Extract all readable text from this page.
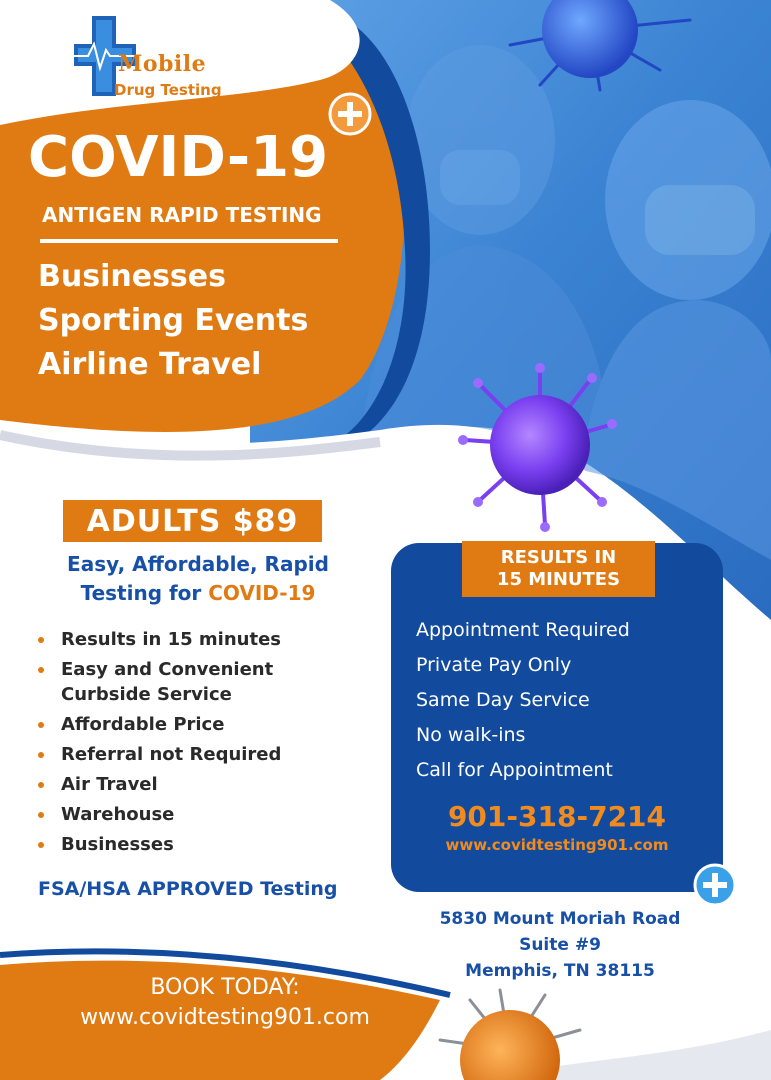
Mobile
Drug Testing
COVID-19
ANTIGEN RAPID TESTING
Businesses
Sporting Events
Airline Travel
ADULTS $89
Easy, Affordable, Rapid
Testing for COVID-19
Results in 15 minutes
Easy and Convenient
Curbside Service
Affordable Price
Referral not Required
Air Travel
Warehouse
Businesses
FSA/HSA APPROVED Testing
RESULTS IN
15 MINUTES
Appointment Required
Private Pay Only
Same Day Service
No walk-ins
Call for Appointment
901-318-7214
www.covidtesting901.com
5830 Mount Moriah Road
Suite #9
Memphis, TN 38115
BOOK TODAY:
www.covidtesting901.com
